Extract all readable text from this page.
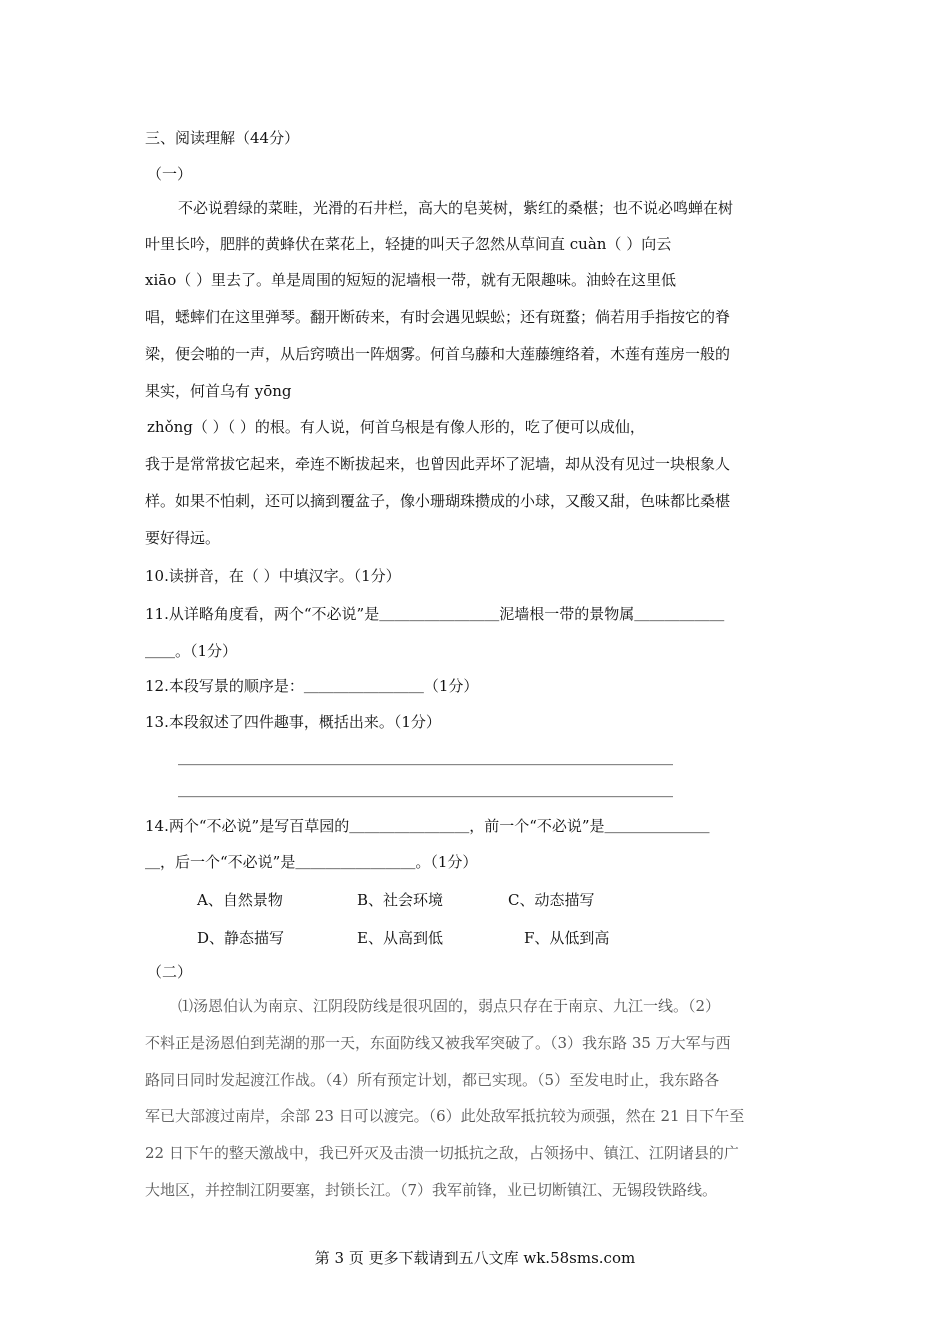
三、阅读理解（44分）
（一）
不必说碧绿的菜畦，光滑的石井栏，高大的皂荚树，紫红的桑椹；也不说必鸣蝉在树
叶里长吟，肥胖的黄蜂伏在菜花上，轻捷的叫天子忽然从草间直 cuàn（ ）向云
xiāo（ ）里去了。单是周围的短短的泥墙根一带，就有无限趣味。油蛉在这里低
唱，蟋蟀们在这里弹琴。翻开断砖来，有时会遇见蜈蚣；还有斑蝥；倘若用手指按它的脊
梁，便会啪的一声，从后窍喷出一阵烟雾。何首乌藤和大莲藤缠络着，木莲有莲房一般的
果实，何首乌有 yōng
zhǒng（ ）（ ）的根。有人说，何首乌根是有像人形的，吃了便可以成仙，
我于是常常拔它起来，牵连不断拔起来，也曾因此弄坏了泥墙，却从没有见过一块根象人
样。如果不怕刺，还可以摘到覆盆子，像小珊瑚珠攒成的小球，又酸又甜，色味都比桑椹
要好得远。
10.读拼音，在（ ）中填汉字。（1分）
11.从详略角度看，两个“不必说”是＿＿＿＿＿＿＿＿泥墙根一带的景物属＿＿＿＿＿＿
＿＿。（1分）
12.本段写景的顺序是：＿＿＿＿＿＿＿＿（1分）
13.本段叙述了四件趣事，概括出来。（1分）
＿＿＿＿＿＿＿＿＿＿＿＿＿＿＿＿＿＿＿＿＿＿＿＿＿＿＿＿＿＿＿＿＿
＿＿＿＿＿＿＿＿＿＿＿＿＿＿＿＿＿＿＿＿＿＿＿＿＿＿＿＿＿＿＿＿＿
14.两个“不必说”是写百草园的＿＿＿＿＿＿＿＿，前一个“不必说”是＿＿＿＿＿＿＿
＿，后一个“不必说”是＿＿＿＿＿＿＿＿。（1分）
A、自然景物	B、社会环境	C、动态描写
D、静态描写	E、从高到低	F、从低到高
（二）
⑴汤恩伯认为南京、江阴段防线是很巩固的，弱点只存在于南京、九江一线。（2）
不料正是汤恩伯到芜湖的那一天，东面防线又被我军突破了。（3）我东路 35 万大军与西
路同日同时发起渡江作战。（4）所有预定计划，都已实现。（5）至发电时止，我东路各
军已大部渡过南岸，余部 23 日可以渡完。（6）此处敌军抵抗较为顽强，然在 21 日下午至
22 日下午的整天激战中，我已歼灭及击溃一切抵抗之敌，占领扬中、镇江、江阴诸县的广
大地区，并控制江阴要塞，封锁长江。（7）我军前锋，业已切断镇江、无锡段铁路线。
第 3 页 更多下载请到五八文库 wk.58sms.com
